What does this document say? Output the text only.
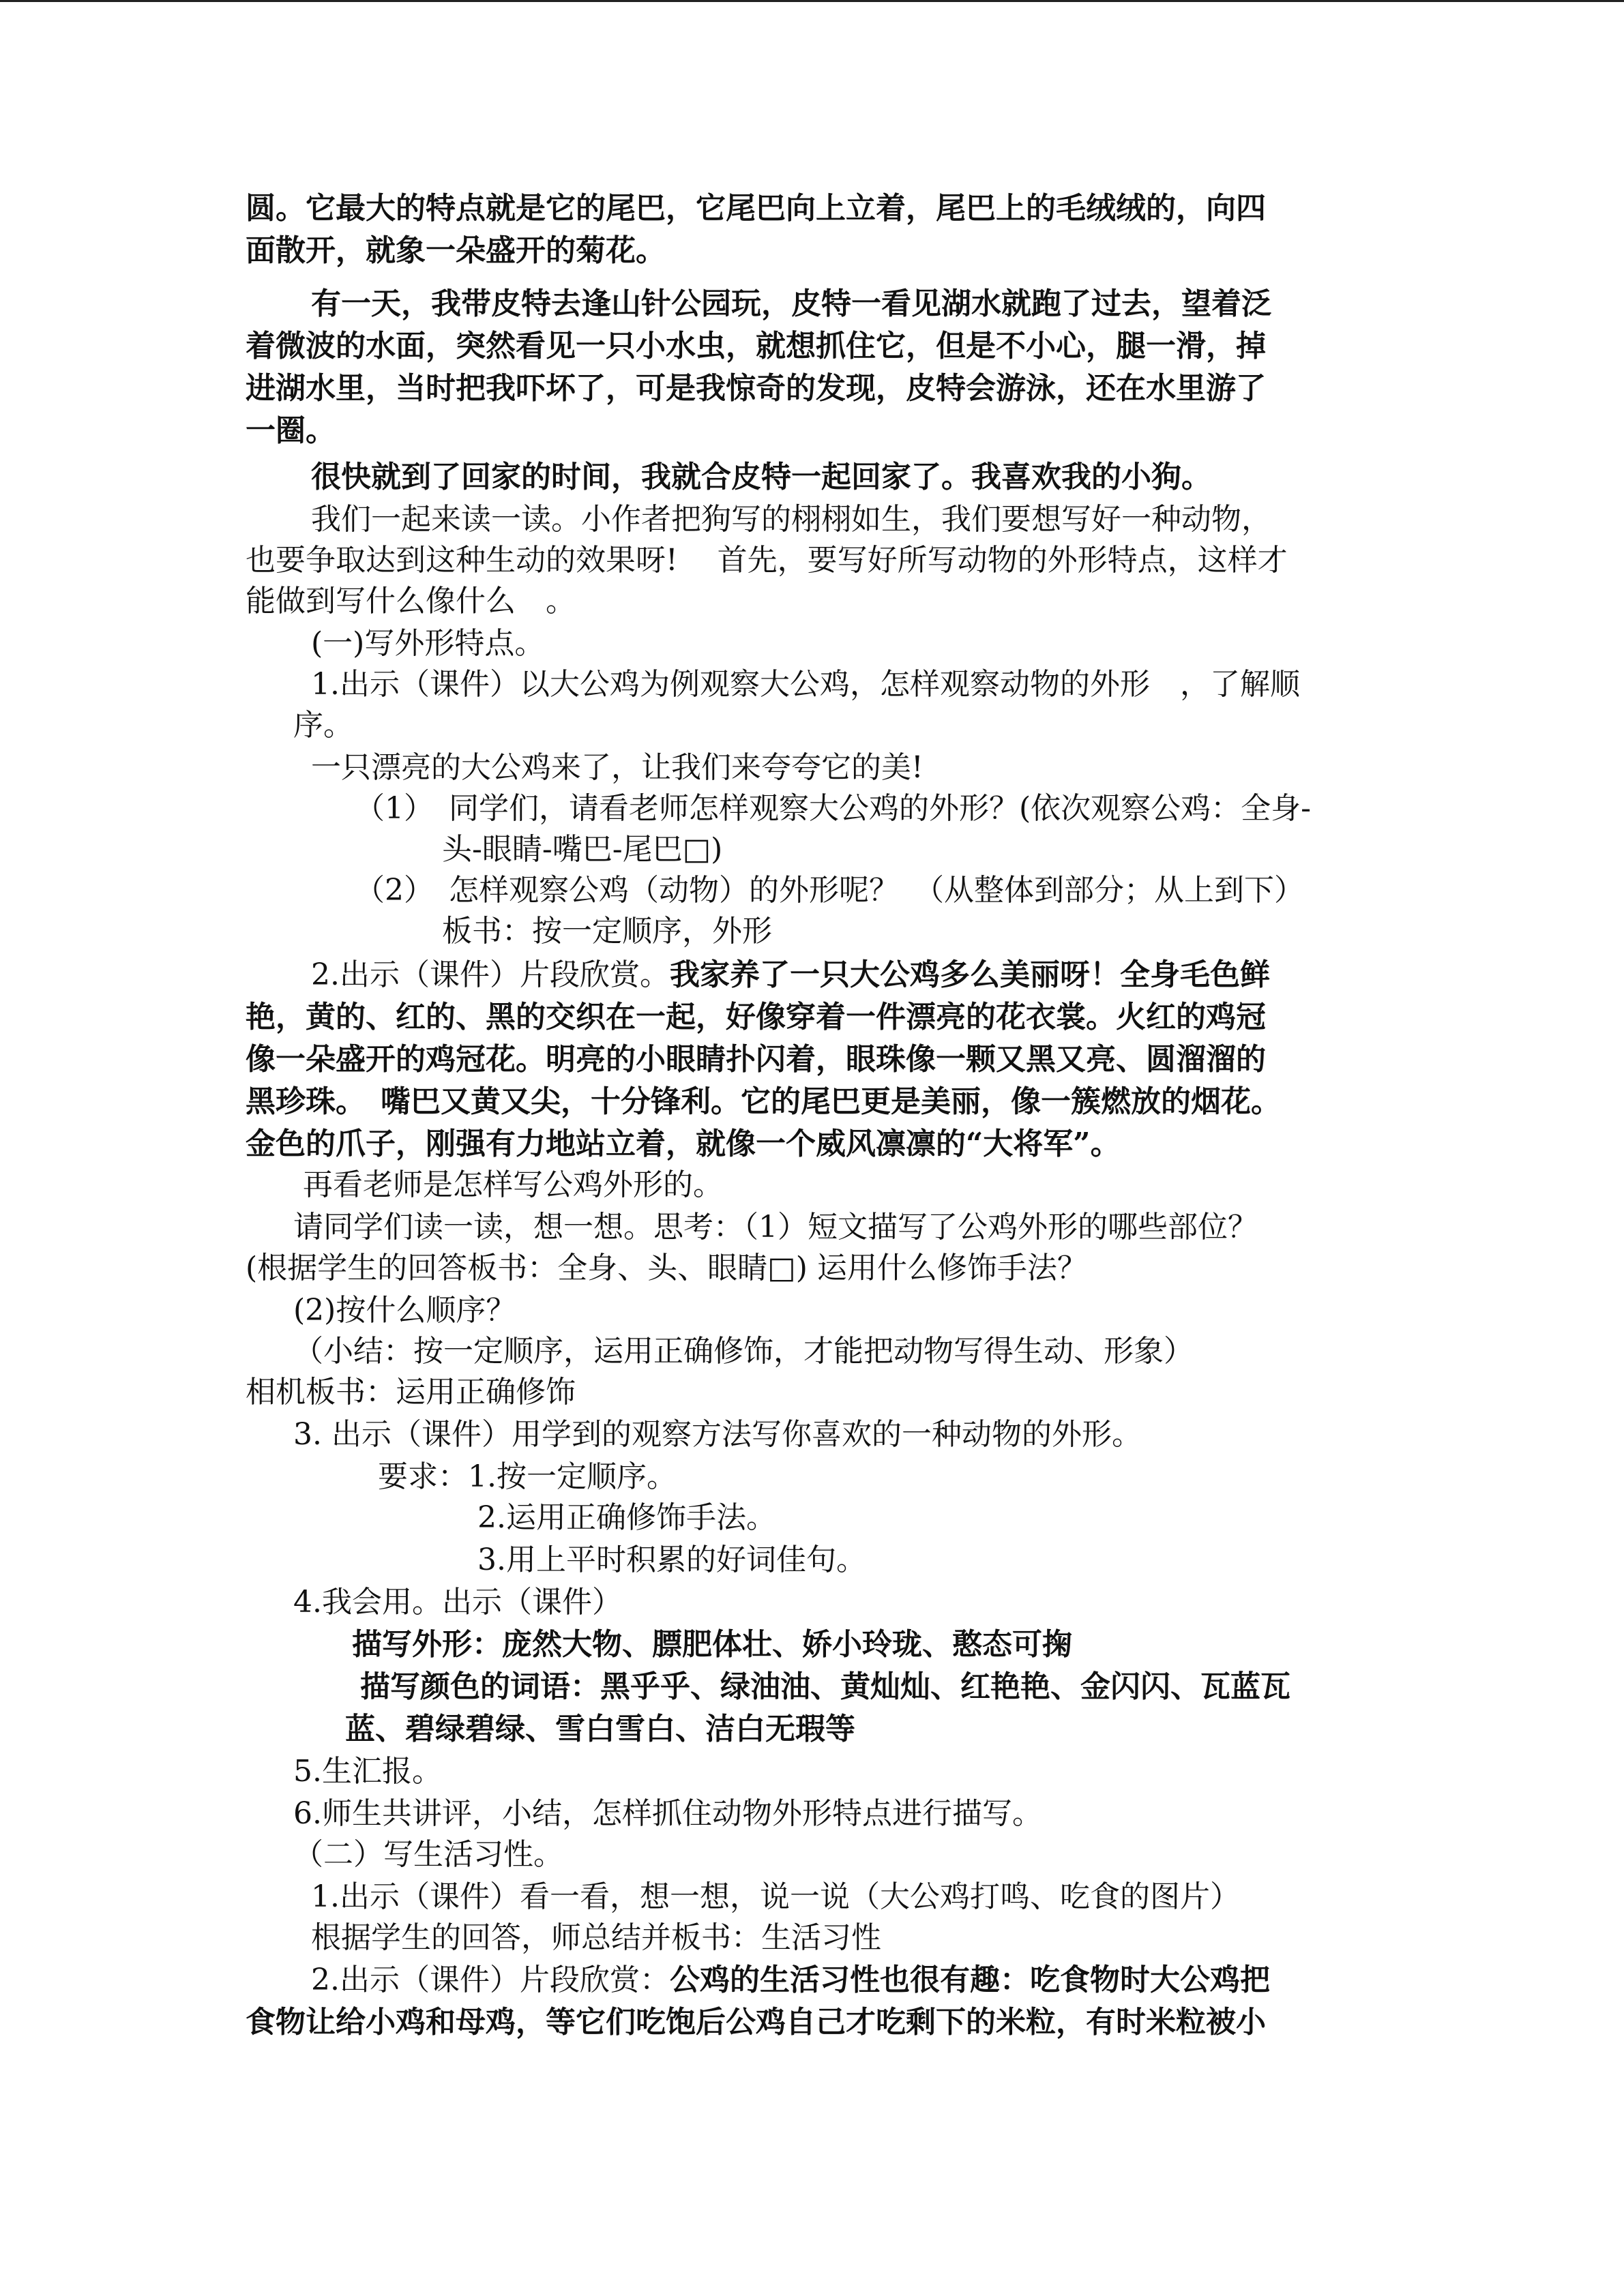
圆。它最大的特点就是它的尾巴，它尾巴向上立着，尾巴上的毛绒绒的，向四
面散开，就象一朵盛开的菊花。
有一天，我带皮特去逢山针公园玩，皮特一看见湖水就跑了过去，望着泛
着微波的水面，突然看见一只小水虫，就想抓住它，但是不小心，腿一滑，掉
进湖水里，当时把我吓坏了，可是我惊奇的发现，皮特会游泳，还在水里游了
一圈。
很快就到了回家的时间，我就合皮特一起回家了。我喜欢我的小狗。
我们一起来读一读。小作者把狗写的栩栩如生，我们要想写好一种动物，
也要争取达到这种生动的效果呀!　 首先，要写好所写动物的外形特点，这样才
能做到写什么像什么　。
(一)写外形特点。
1.出示（课件）以大公鸡为例观察大公鸡，怎样观察动物的外形　，了解顺
序。
一只漂亮的大公鸡来了，让我们来夸夸它的美!
（1）　同学们，请看老师怎样观察大公鸡的外形？(依次观察公鸡：全身-
头-眼睛-嘴巴-尾巴□)
（2）　怎样观察公鸡（动物）的外形呢？　（从整体到部分；从上到下）
板书：按一定顺序，外形
2.出示（课件）片段欣赏。我家养了一只大公鸡多么美丽呀！全身毛色鲜
艳，黄的、红的、黑的交织在一起，好像穿着一件漂亮的花衣裳。火红的鸡冠
像一朵盛开的鸡冠花。明亮的小眼睛扑闪着，眼珠像一颗又黑又亮、圆溜溜的
黑珍珠。　嘴巴又黄又尖，十分锋利。它的尾巴更是美丽，像一簇燃放的烟花。
金色的爪子，刚强有力地站立着，就像一个威风凛凛的“大将军”。
再看老师是怎样写公鸡外形的。
请同学们读一读，想一想。思考：（1）短文描写了公鸡外形的哪些部位？
(根据学生的回答板书：全身、头、眼睛□) 运用什么修饰手法？
(2)按什么顺序？
（小结：按一定顺序，运用正确修饰，才能把动物写得生动、形象）
相机板书：运用正确修饰
3. 出示（课件）用学到的观察方法写你喜欢的一种动物的外形。
要求：1.按一定顺序。
2.运用正确修饰手法。
3.用上平时积累的好词佳句。
4.我会用。出示（课件）
描写外形：庞然大物、膘肥体壮、娇小玲珑、憨态可掬
描写颜色的词语：黑乎乎、绿油油、黄灿灿、红艳艳、金闪闪、瓦蓝瓦
蓝、碧绿碧绿、雪白雪白、洁白无瑕等
5.生汇报。
6.师生共讲评，小结，怎样抓住动物外形特点进行描写。
（二）写生活习性。
1.出示（课件）看一看，想一想，说一说（大公鸡打鸣、吃食的图片）
根据学生的回答，师总结并板书：生活习性
2.出示（课件）片段欣赏：公鸡的生活习性也很有趣：吃食物时大公鸡把
食物让给小鸡和母鸡，等它们吃饱后公鸡自己才吃剩下的米粒，有时米粒被小
